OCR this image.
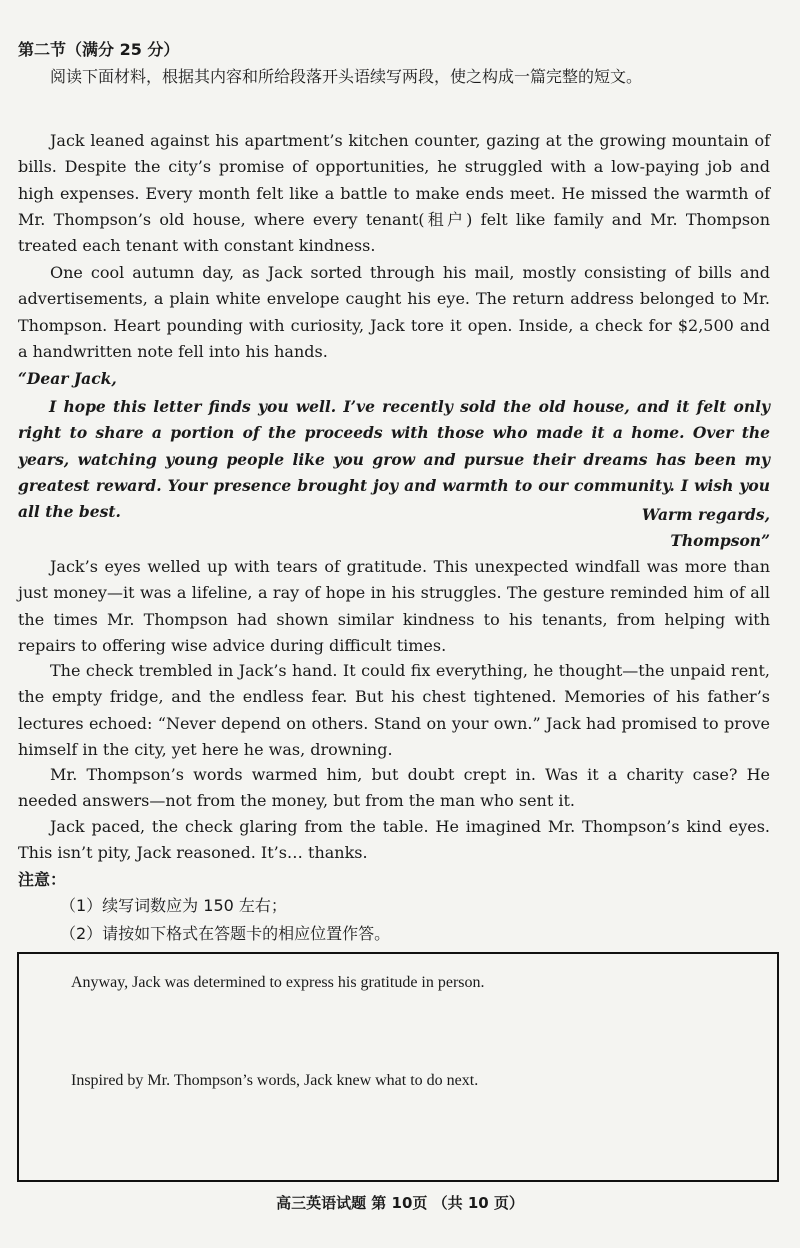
第二节（满分 25 分）
阅读下面材料，根据其内容和所给段落开头语续写两段，使之构成一篇完整的短文。

Jack leaned against his apartment’s kitchen counter, gazing at the growing mountain of bills. Despite the city’s promise of opportunities, he struggled with a low-paying job and high expenses. Every month felt like a battle to make ends meet. He missed the warmth of Mr. Thompson’s old house, where every tenant(租户) felt like family and Mr. Thompson treated each tenant with constant kindness.

One cool autumn day, as Jack sorted through his mail, mostly consisting of bills and advertisements, a plain white envelope caught his eye. The return address belonged to Mr. Thompson. Heart pounding with curiosity, Jack tore it open. Inside, a check for $2,500 and a handwritten note fell into his hands.

“Dear Jack,

I hope this letter finds you well. I’ve recently sold the old house, and it felt only right to share a portion of the proceeds with those who made it a home. Over the years, watching young people like you grow and pursue their dreams has been my greatest reward. Your presence brought joy and warmth to our community. I wish you all the best.	Warm regards,
Thompson”

Jack’s eyes welled up with tears of gratitude. This unexpected windfall was more than just money—it was a lifeline, a ray of hope in his struggles. The gesture reminded him of all the times Mr. Thompson had shown similar kindness to his tenants, from helping with repairs to offering wise advice during difficult times.

The check trembled in Jack’s hand. It could fix everything, he thought—the unpaid rent, the empty fridge, and the endless fear. But his chest tightened. Memories of his father’s lectures echoed: “Never depend on others. Stand on your own.” Jack had promised to prove himself in the city, yet here he was, drowning.

Mr. Thompson’s words warmed him, but doubt crept in. Was it a charity case? He needed answers—not from the money, but from the man who sent it.

Jack paced, the check glaring from the table. He imagined Mr. Thompson’s kind eyes. This isn’t pity, Jack reasoned. It’s… thanks.

注意：
（1）续写词数应为 150 左右；
（2）请按如下格式在答题卡的相应位置作答。
Anyway, Jack was determined to express his gratitude in person.
Inspired by Mr. Thompson’s words, Jack knew what to do next.
高三英语试题 第 10页 （共 10 页）
